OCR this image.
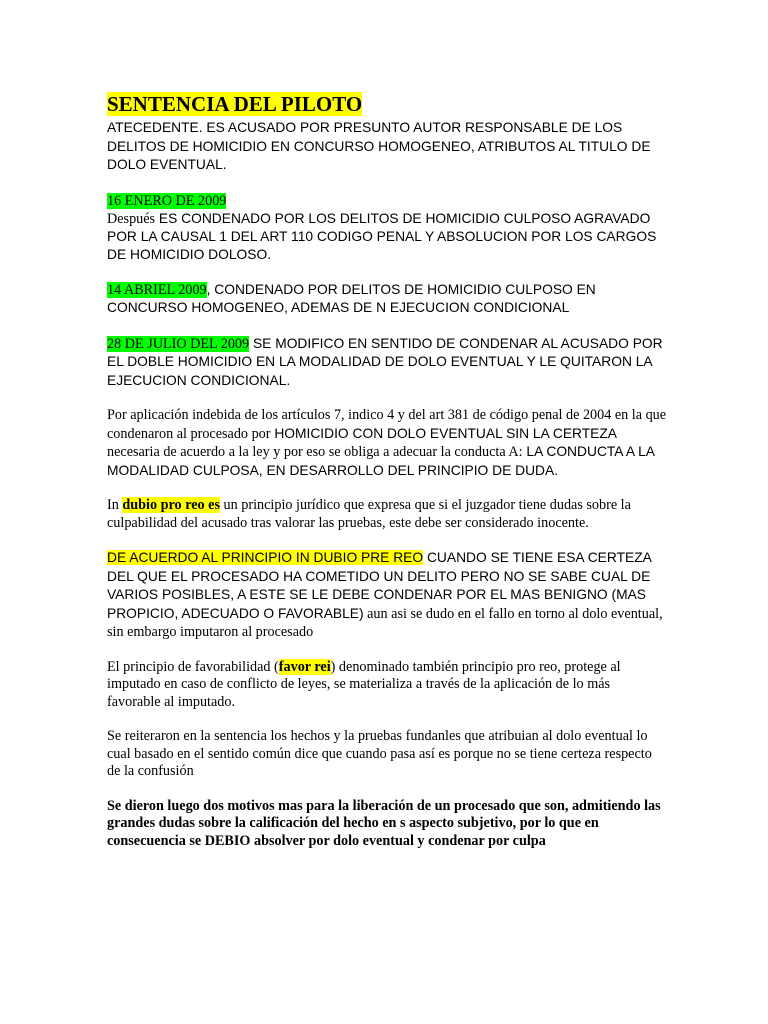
SENTENCIA DEL PILOTO

ATECEDENTE. ES ACUSADO POR PRESUNTO AUTOR RESPONSABLE DE LOS DELITOS DE HOMICIDIO EN CONCURSO HOMOGENEO, ATRIBUTOS AL TITULO DE DOLO EVENTUAL.

16 ENERO DE 2009
Después ES CONDENADO POR LOS DELITOS DE HOMICIDIO CULPOSO AGRAVADO POR LA CAUSAL 1 DEL ART 110 CODIGO PENAL Y ABSOLUCION POR LOS CARGOS DE HOMICIDIO DOLOSO.

14 ABRIEL 2009, CONDENADO POR DELITOS DE HOMICIDIO CULPOSO EN CONCURSO HOMOGENEO, ADEMAS DE N EJECUCION CONDICIONAL

28 DE JULIO DEL 2009 SE MODIFICO EN SENTIDO DE CONDENAR AL ACUSADO POR EL DOBLE HOMICIDIO EN LA MODALIDAD DE DOLO EVENTUAL Y LE QUITARON LA EJECUCION CONDICIONAL.

Por aplicación indebida de los artículos 7, indico 4 y del art 381 de código penal de 2004 en la que condenaron al procesado por HOMICIDIO CON DOLO EVENTUAL SIN LA CERTEZA necesaria de acuerdo a la ley y por eso se obliga a adecuar la conducta A: LA CONDUCTA A LA MODALIDAD CULPOSA, EN DESARROLLO DEL PRINCIPIO DE DUDA.

In dubio pro reo es un principio jurídico que expresa que si el juzgador tiene dudas sobre la culpabilidad del acusado tras valorar las pruebas, este debe ser considerado inocente.

DE ACUERDO AL PRINCIPIO IN DUBIO PRE REO CUANDO SE TIENE ESA CERTEZA DEL QUE EL PROCESADO HA COMETIDO UN DELITO PERO NO SE SABE CUAL DE VARIOS POSIBLES, A ESTE SE LE DEBE CONDENAR POR EL MAS BENIGNO (MAS PROPICIO, ADECUADO O FAVORABLE) aun asi se dudo en el fallo en torno al dolo eventual, sin embargo imputaron al procesado

El principio de favorabilidad (favor rei) denominado también principio pro reo, protege al imputado en caso de conflicto de leyes, se materializa a través de la aplicación de lo más favorable al imputado.

Se reiteraron en la sentencia los hechos y la pruebas fundanles que atribuian al dolo eventual lo cual basado en el sentido común dice que cuando pasa así es porque no se tiene certeza respecto de la confusión

Se dieron luego dos motivos mas para la liberación de un procesado que son, admitiendo las grandes dudas sobre la calificación del hecho en s aspecto subjetivo, por lo que en consecuencia se DEBIO absolver por dolo eventual y condenar por culpa
